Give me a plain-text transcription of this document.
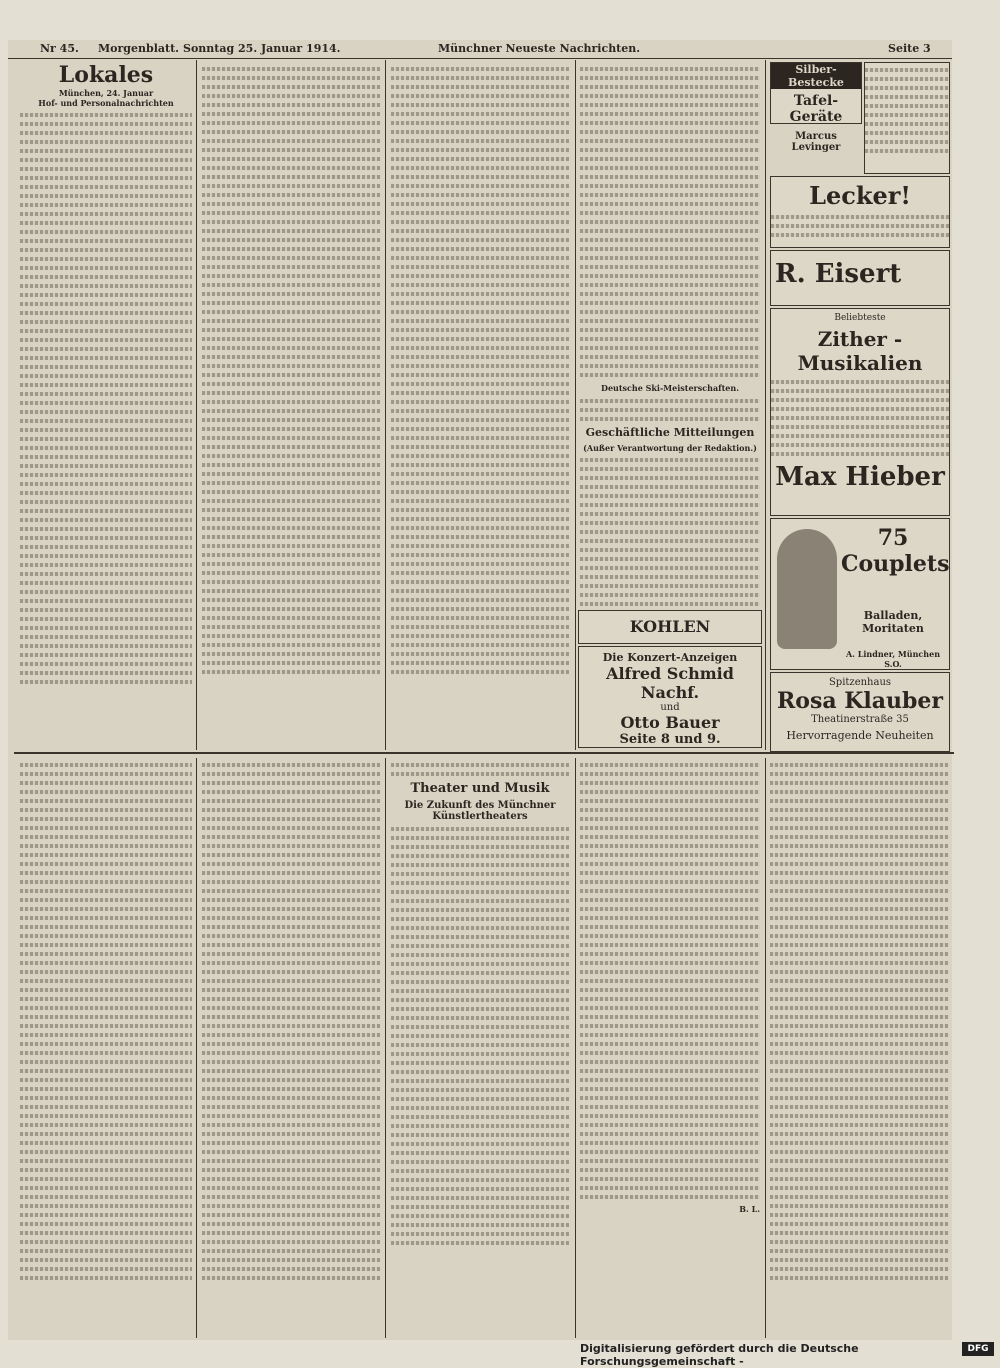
Nr 45. Morgenblatt. Sonntag 25. Januar 1914.	Münchner Neueste Nachrichten.	Seite 3
Lokales
München, 24. Januar
Hof- und Personalnachrichten
Deutsche Ski-Meisterschaften.
Geschäftliche Mitteilungen
(Außer Verantwortung der Redaktion.)
KOHLEN
Die Konzert-Anzeigen
Alfred Schmid Nachf.
und
Otto Bauer
Seite 8 und 9.
Silber-Bestecke
Tafel-Geräte
Marcus Levinger
Lecker!
R. Eisert
Beliebteste
Zither - Musikalien
Max Hieber
75 Couplets
Balladen, Moritaten
A. Lindner, München S.O.
Spitzenhaus
Rosa Klauber
Theatinerstraße 35
Hervorragende Neuheiten
Theater und Musik
Die Zukunft des Münchner Künstlertheaters
B. L.
Digitalisierung gefördert durch die Deutsche Forschungsgemeinschaft -
DFG
